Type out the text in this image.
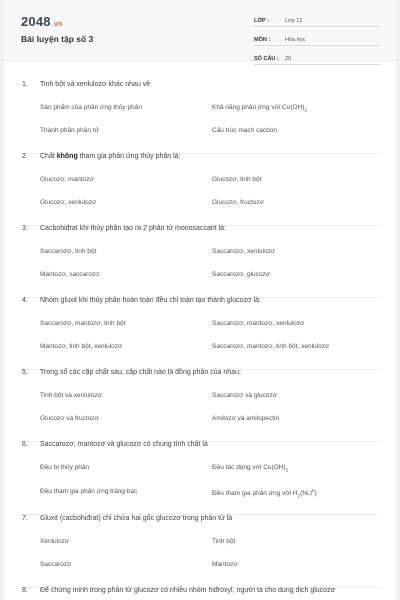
2048.vn
Bài luyện tập số 3
LỚP :	Lớp 12
MÔN :	Hóa học
SỐ CÂU :	20
1. Tinh bột và xenlulozơ khác nhau về
Sản phẩm của phản ứng thủy phân	Khả năng phản ứng với $Cu(OH)_2$
Thành phần phân tử	Cấu trúc mạch cacbon
2. Chất không tham gia phản ứng thủy phân là:
Glucozơ, mantozơ	Glucozơ, tinh bột
Glucozơ, xenlulozơ	Glucozơ, fructozơ
3. Cacbohiđrat khi thủy phân tạo ra 2 phân tử monosaccarit là:
Saccarozơ, tinh bột	Saccarozơ, xenlulozơ
Mantozơ, saccarozơ	Saccarozơ, glucozơ
4. Nhóm gluxit khi thủy phân hoàn toàn đều chỉ toàn tạo thành glucozơ là:
Saccarozơ, mantozơ, tinh bột	Saccarozơ, mantozơ, xenlulozơ
Mantozơ, tinh bột, xenlulozơ	Saccarozơ, mantozơ, tinh bột, xenlulozơ
5. Trong số các cặp chất sau, cặp chất nào là đồng phân của nhau:
Tinh bột và xenlulozơ	Saccarozơ và glucozơ
Glucozơ và fructozơ	Amilozơ và amilopectin
6. Saccarozơ, mantozơ và glucozơ có chung tính chất là
Đều bị thủy phân	Đều tác dụng với $Cu(OH)_2$
Đều tham gia phản ứng tráng bạc	Đều tham gia phản ứng với $H_2(Ni,t^0)$
7. Gluxit (cacbohiđrat) chỉ chứa hai gốc glucozơ trong phân tử là
Xenlulozơ	Tinh bột
Saccarozơ	Mantozơ
8. Để chứng minh trong phân tử glucozơ có nhiều nhóm hiđroxyl, người ta cho dung dịch glucozơ
